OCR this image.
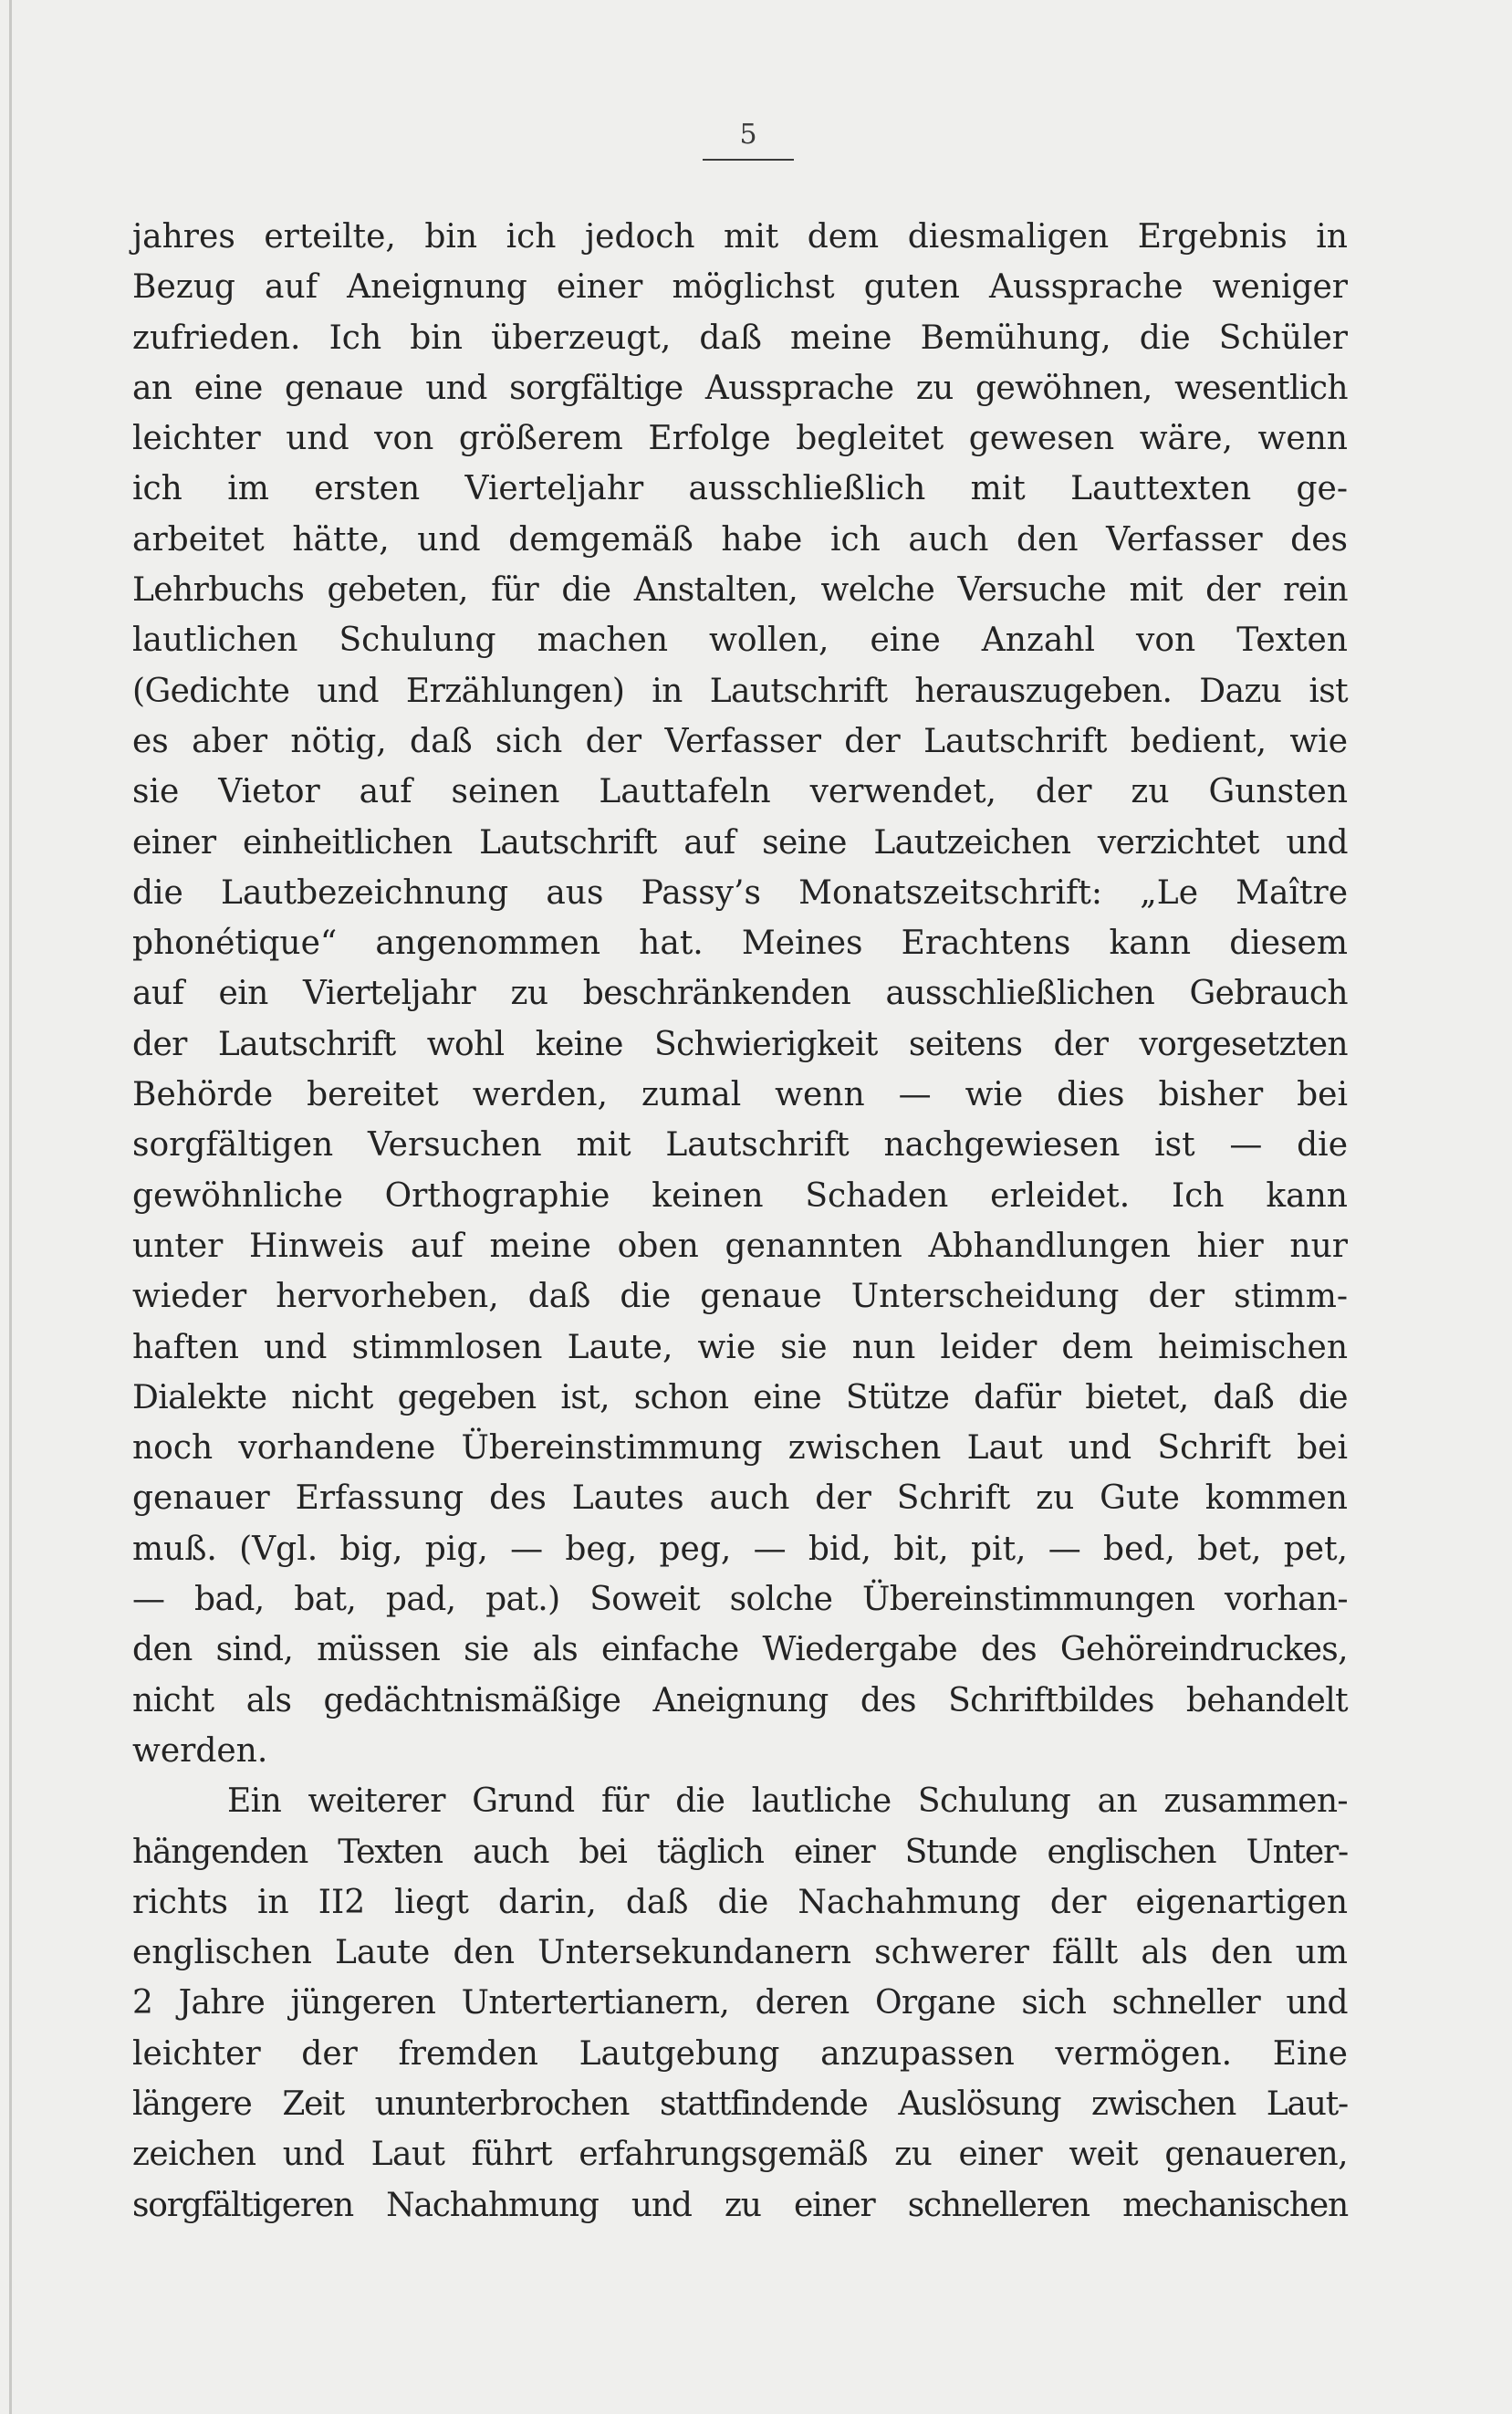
5
jahres erteilte, bin ich jedoch mit dem diesmaligen Ergebnis in
Bezug auf Aneignung einer möglichst guten Aussprache weniger
zufrieden. Ich bin überzeugt, daß meine Bemühung, die Schüler
an eine genaue und sorgfältige Aussprache zu gewöhnen, wesentlich
leichter und von größerem Erfolge begleitet gewesen wäre, wenn
ich im ersten Vierteljahr ausschließlich mit Lauttexten ge-
arbeitet hätte, und demgemäß habe ich auch den Verfasser des
Lehrbuchs gebeten, für die Anstalten, welche Versuche mit der rein
lautlichen Schulung machen wollen, eine Anzahl von Texten
(Gedichte und Erzählungen) in Lautschrift herauszugeben. Dazu ist
es aber nötig, daß sich der Verfasser der Lautschrift bedient, wie
sie Vietor auf seinen Lauttafeln verwendet, der zu Gunsten
einer einheitlichen Lautschrift auf seine Lautzeichen verzichtet und
die Lautbezeichnung aus Passy’s Monatszeitschrift: „Le Maître
phonétique“ angenommen hat. Meines Erachtens kann diesem
auf ein Vierteljahr zu beschränkenden ausschließlichen Gebrauch
der Lautschrift wohl keine Schwierigkeit seitens der vorgesetzten
Behörde bereitet werden, zumal wenn — wie dies bisher bei
sorgfältigen Versuchen mit Lautschrift nachgewiesen ist — die
gewöhnliche Orthographie keinen Schaden erleidet. Ich kann
unter Hinweis auf meine oben genannten Abhandlungen hier nur
wieder hervorheben, daß die genaue Unterscheidung der stimm-
haften und stimmlosen Laute, wie sie nun leider dem heimischen
Dialekte nicht gegeben ist, schon eine Stütze dafür bietet, daß die
noch vorhandene Übereinstimmung zwischen Laut und Schrift bei
genauer Erfassung des Lautes auch der Schrift zu Gute kommen
muß. (Vgl. big, pig, — beg, peg, — bid, bit, pit, — bed, bet, pet,
— bad, bat, pad, pat.) Soweit solche Übereinstimmungen vorhan-
den sind, müssen sie als einfache Wiedergabe des Gehöreindruckes,
nicht als gedächtnismäßige Aneignung des Schriftbildes behandelt
werden.
Ein weiterer Grund für die lautliche Schulung an zusammen-
hängenden Texten auch bei täglich einer Stunde englischen Unter-
richts in II2 liegt darin, daß die Nachahmung der eigenartigen
englischen Laute den Untersekundanern schwerer fällt als den um
2 Jahre jüngeren Untertertianern, deren Organe sich schneller und
leichter der fremden Lautgebung anzupassen vermögen. Eine
längere Zeit ununterbrochen stattfindende Auslösung zwischen Laut-
zeichen und Laut führt erfahrungsgemäß zu einer weit genaueren,
sorgfältigeren Nachahmung und zu einer schnelleren mechanischen
